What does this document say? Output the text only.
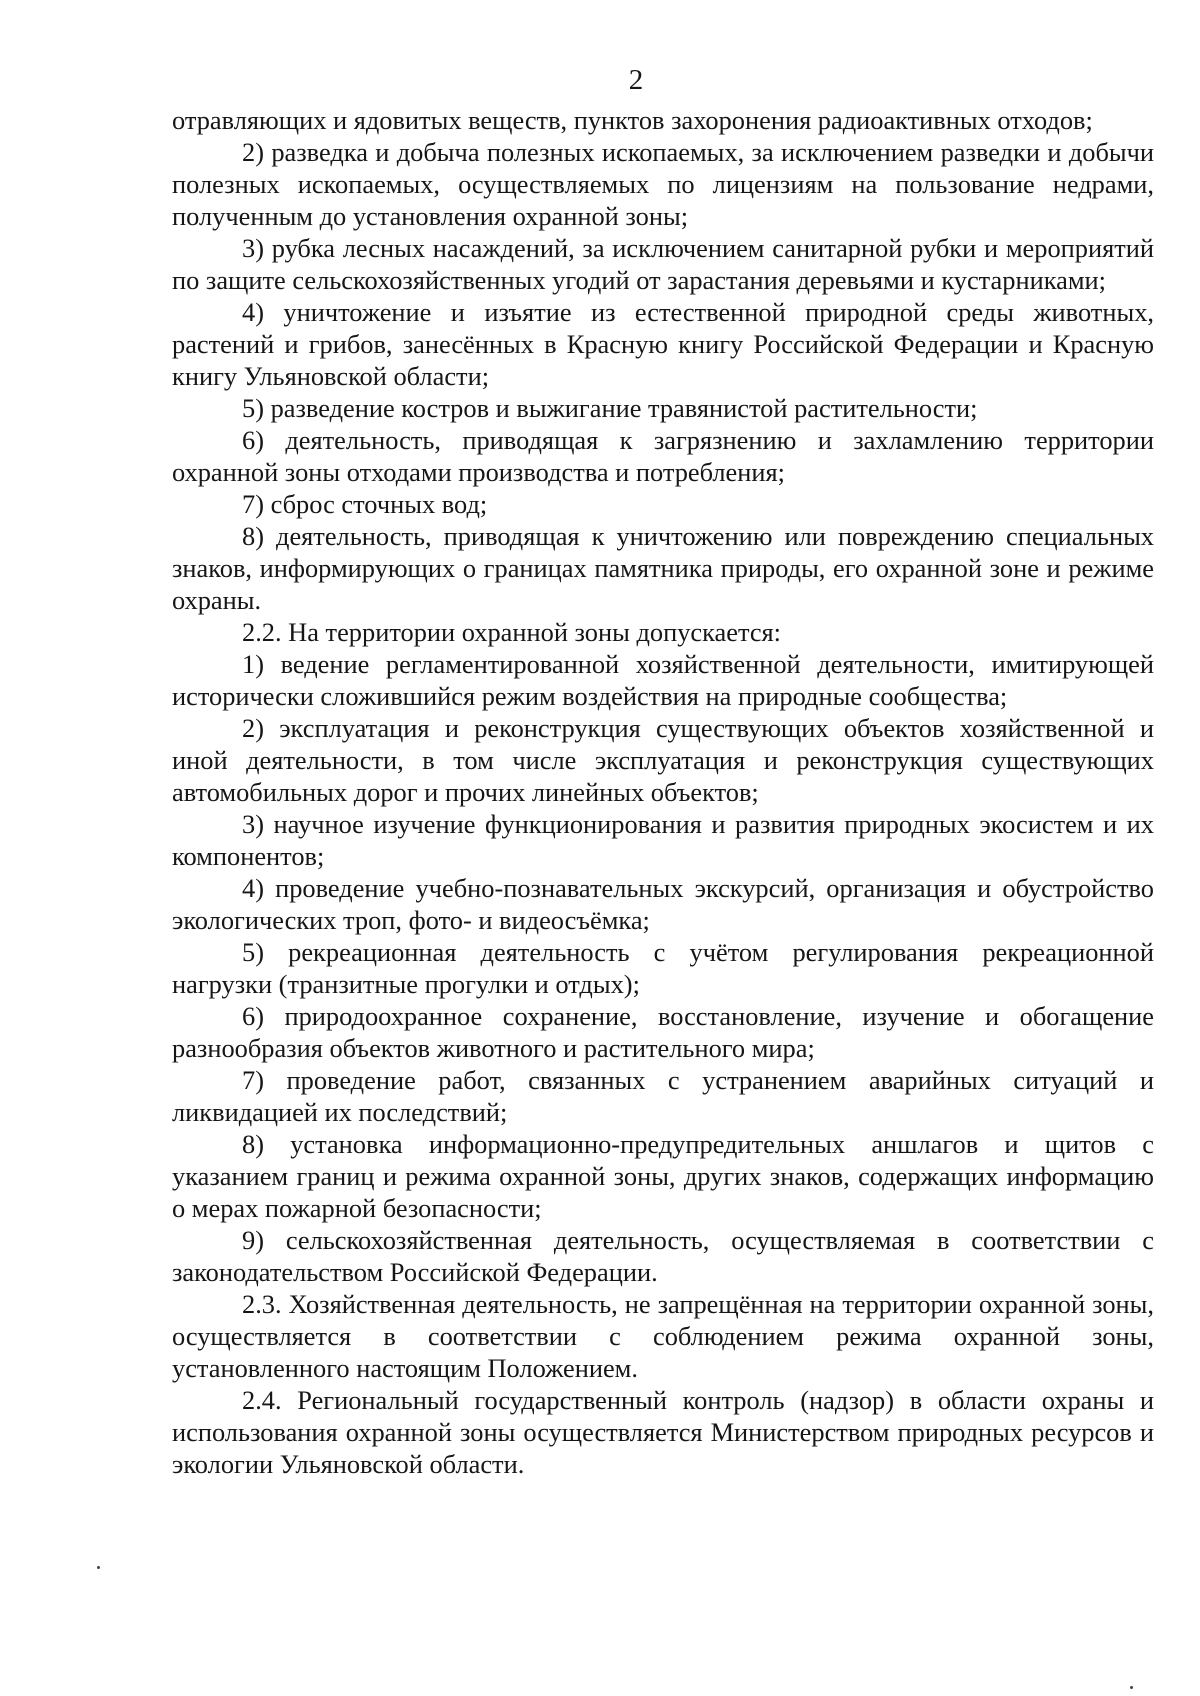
2

отравляющих и ядовитых веществ, пунктов захоронения радиоактивных отходов;

2) разведка и добыча полезных ископаемых, за исключением разведки и добычи полезных ископаемых, осуществляемых по лицензиям на пользование недрами, полученным до установления охранной зоны;

3) рубка лесных насаждений, за исключением санитарной рубки и мероприятий по защите сельскохозяйственных угодий от зарастания деревьями и кустарниками;

4) уничтожение и изъятие из естественной природной среды животных, растений и грибов, занесённых в Красную книгу Российской Федерации и Красную книгу Ульяновской области;

5) разведение костров и выжигание травянистой растительности;

6) деятельность, приводящая к загрязнению и захламлению территории охранной зоны отходами производства и потребления;

7) сброс сточных вод;

8) деятельность, приводящая к уничтожению или повреждению специальных знаков, информирующих о границах памятника природы, его охранной зоне и режиме охраны.

2.2. На территории охранной зоны допускается:

1) ведение регламентированной хозяйственной деятельности, имитирующей исторически сложившийся режим воздействия на природные сообщества;

2) эксплуатация и реконструкция существующих объектов хозяйственной и иной деятельности, в том числе эксплуатация и реконструкция существующих автомобильных дорог и прочих линейных объектов;

3) научное изучение функционирования и развития природных экосистем и их компонентов;

4) проведение учебно-познавательных экскурсий, организация и обустройство экологических троп, фото- и видеосъёмка;

5) рекреационная деятельность с учётом регулирования рекреационной нагрузки (транзитные прогулки и отдых);

6) природоохранное сохранение, восстановление, изучение и обогащение разнообразия объектов животного и растительного мира;

7) проведение работ, связанных с устранением аварийных ситуаций и ликвидацией их последствий;

8) установка информационно-предупредительных аншлагов и щитов с указанием границ и режима охранной зоны, других знаков, содержащих информацию о мерах пожарной безопасности;

9) сельскохозяйственная деятельность, осуществляемая в соответствии с законодательством Российской Федерации.

2.3. Хозяйственная деятельность, не запрещённая на территории охранной зоны, осуществляется в соответствии с соблюдением режима охранной зоны, установленного настоящим Положением.

2.4. Региональный государственный контроль (надзор) в области охраны и использования охранной зоны осуществляется Министерством природных ресурсов и экологии Ульяновской области.
